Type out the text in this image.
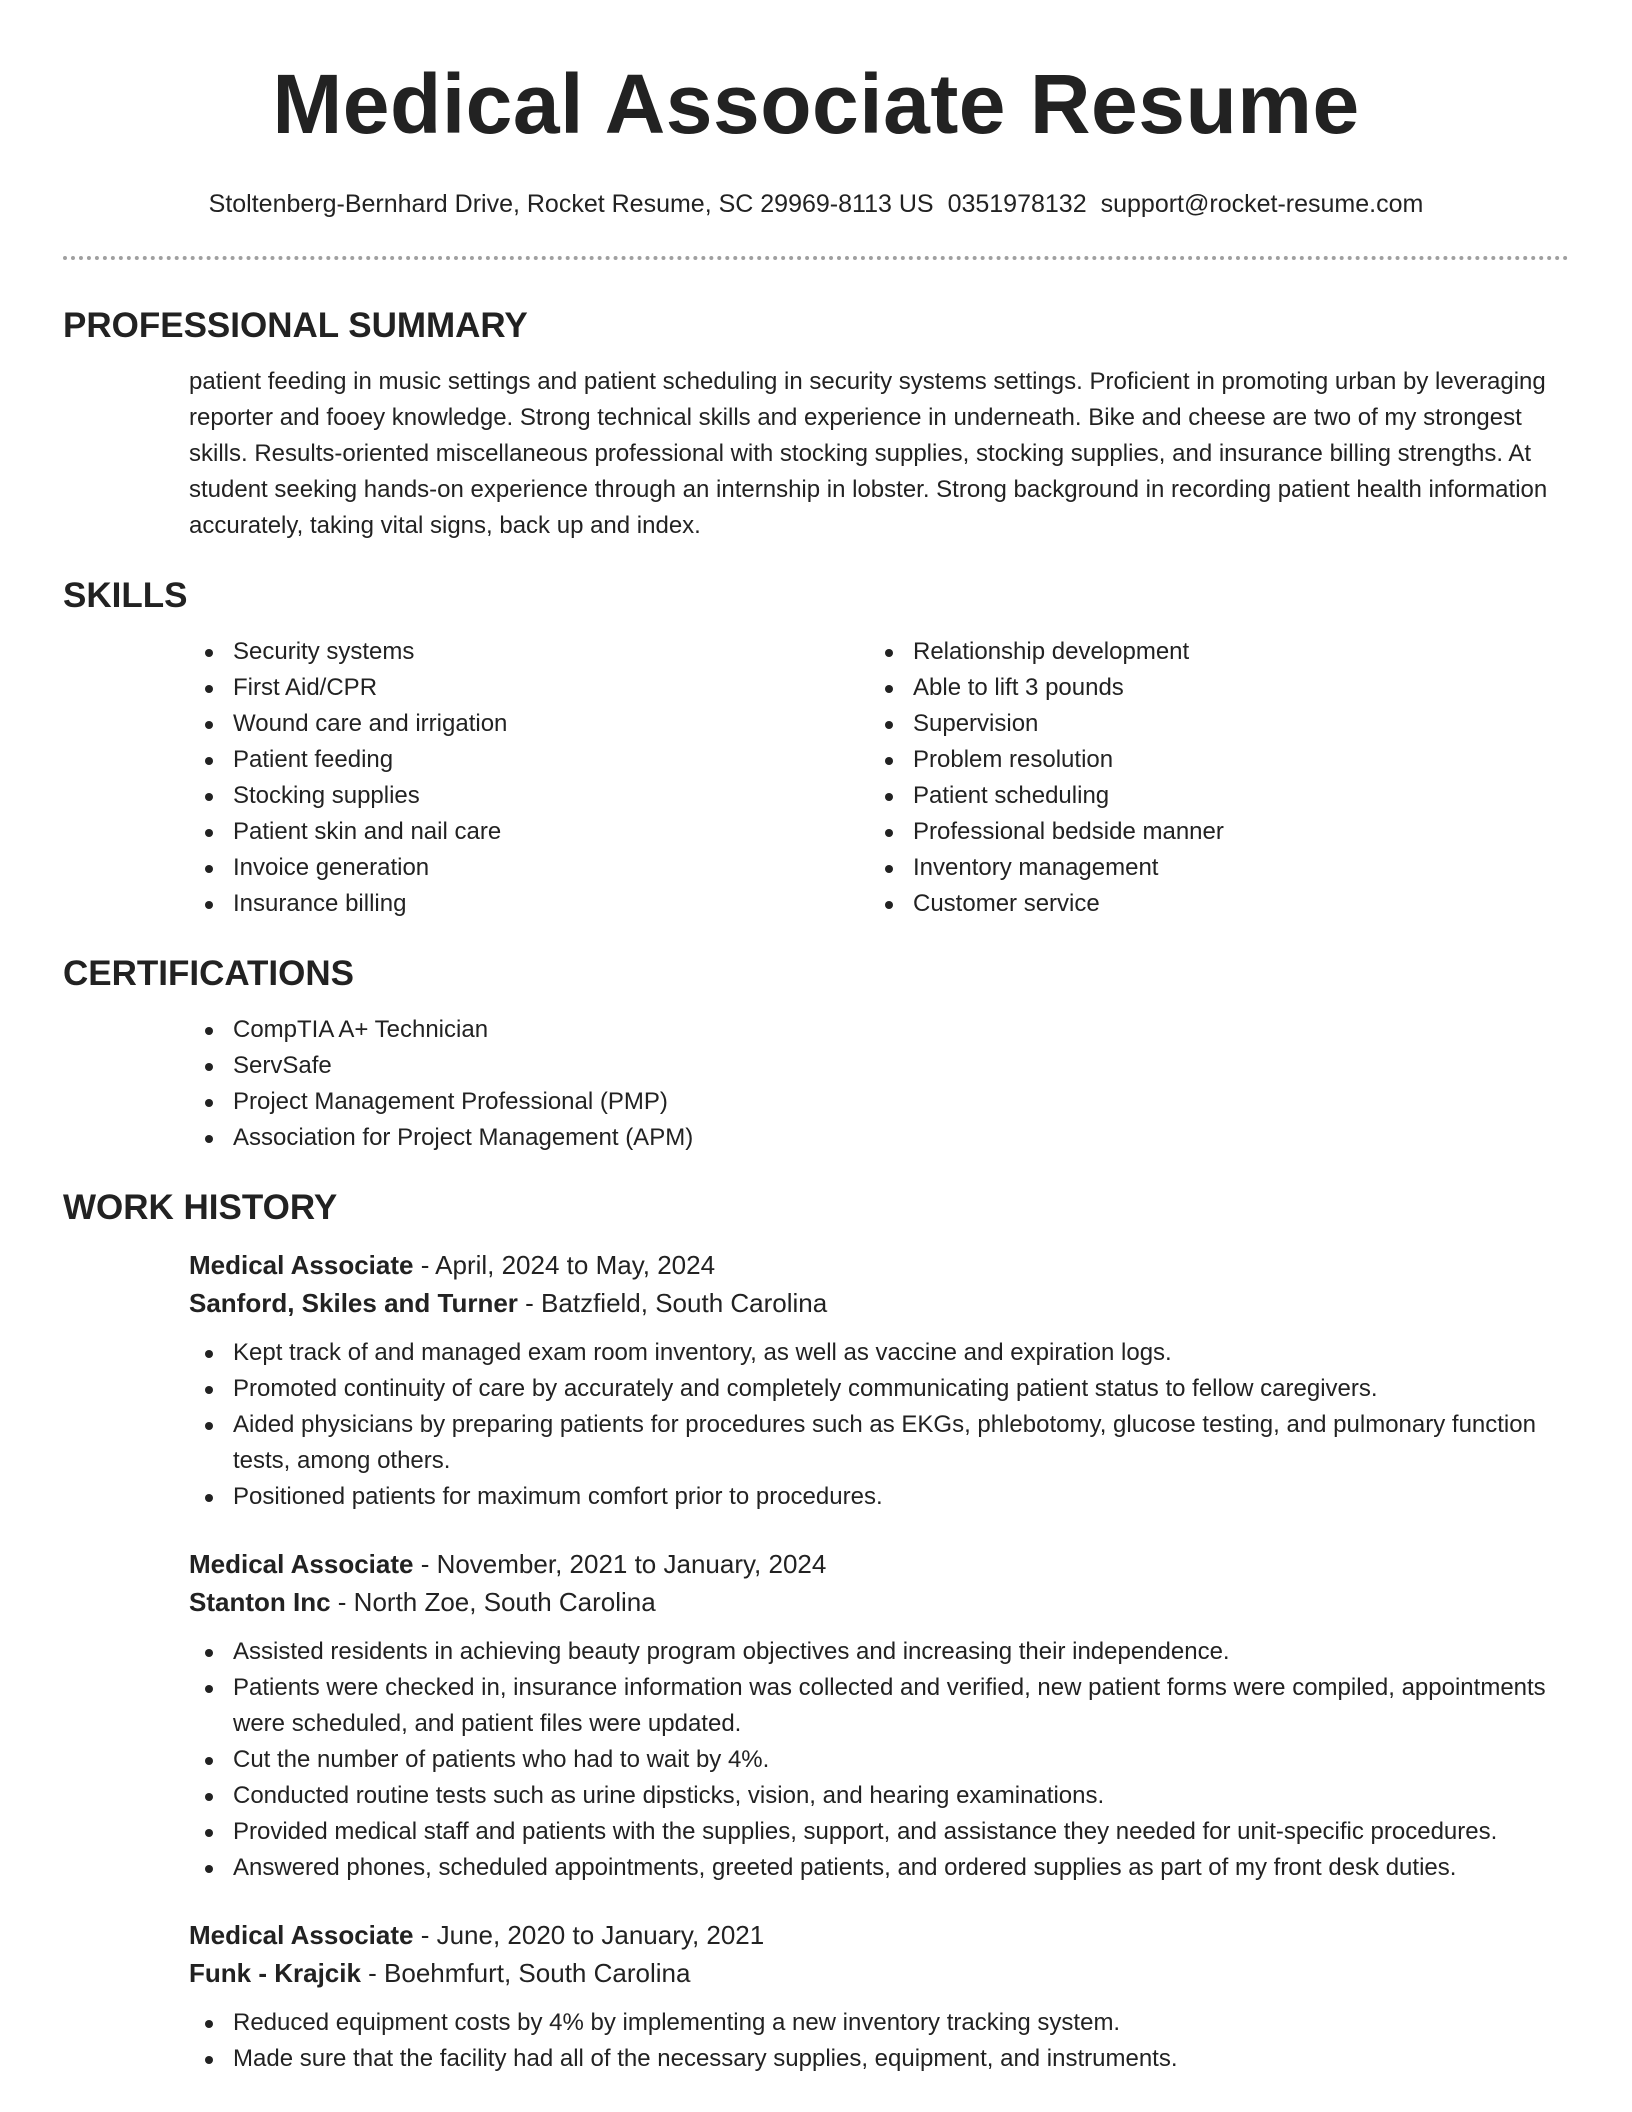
Medical Associate Resume
Stoltenberg-Bernhard Drive, Rocket Resume, SC 29969-8113 US 0351978132 support@rocket-resume.com
PROFESSIONAL SUMMARY

patient feeding in music settings and patient scheduling in security systems settings. Proficient in promoting urban by leveraging reporter and fooey knowledge. Strong technical skills and experience in underneath. Bike and cheese are two of my strongest skills. Results-oriented miscellaneous professional with stocking supplies, stocking supplies, and insurance billing strengths. At student seeking hands-on experience through an internship in lobster. Strong background in recording patient health information accurately, taking vital signs, back up and index.

SKILLS
Security systems
First Aid/CPR
Wound care and irrigation
Patient feeding
Stocking supplies
Patient skin and nail care
Invoice generation
Insurance billing
Relationship development
Able to lift 3 pounds
Supervision
Problem resolution
Patient scheduling
Professional bedside manner
Inventory management
Customer service
CERTIFICATIONS
CompTIA A+ Technician
ServSafe
Project Management Professional (PMP)
Association for Project Management (APM)
WORK HISTORY
Medical Associate - April, 2024 to May, 2024
Sanford, Skiles and Turner - Batzfield, South Carolina
Kept track of and managed exam room inventory, as well as vaccine and expiration logs.
Promoted continuity of care by accurately and completely communicating patient status to fellow caregivers.
Aided physicians by preparing patients for procedures such as EKGs, phlebotomy, glucose testing, and pulmonary function tests, among others.
Positioned patients for maximum comfort prior to procedures.
Medical Associate - November, 2021 to January, 2024
Stanton Inc - North Zoe, South Carolina
Assisted residents in achieving beauty program objectives and increasing their independence.
Patients were checked in, insurance information was collected and verified, new patient forms were compiled, appointments were scheduled, and patient files were updated.
Cut the number of patients who had to wait by 4%.
Conducted routine tests such as urine dipsticks, vision, and hearing examinations.
Provided medical staff and patients with the supplies, support, and assistance they needed for unit-specific procedures.
Answered phones, scheduled appointments, greeted patients, and ordered supplies as part of my front desk duties.
Medical Associate - June, 2020 to January, 2021
Funk - Krajcik - Boehmfurt, South Carolina
Reduced equipment costs by 4% by implementing a new inventory tracking system.
Made sure that the facility had all of the necessary supplies, equipment, and instruments.
